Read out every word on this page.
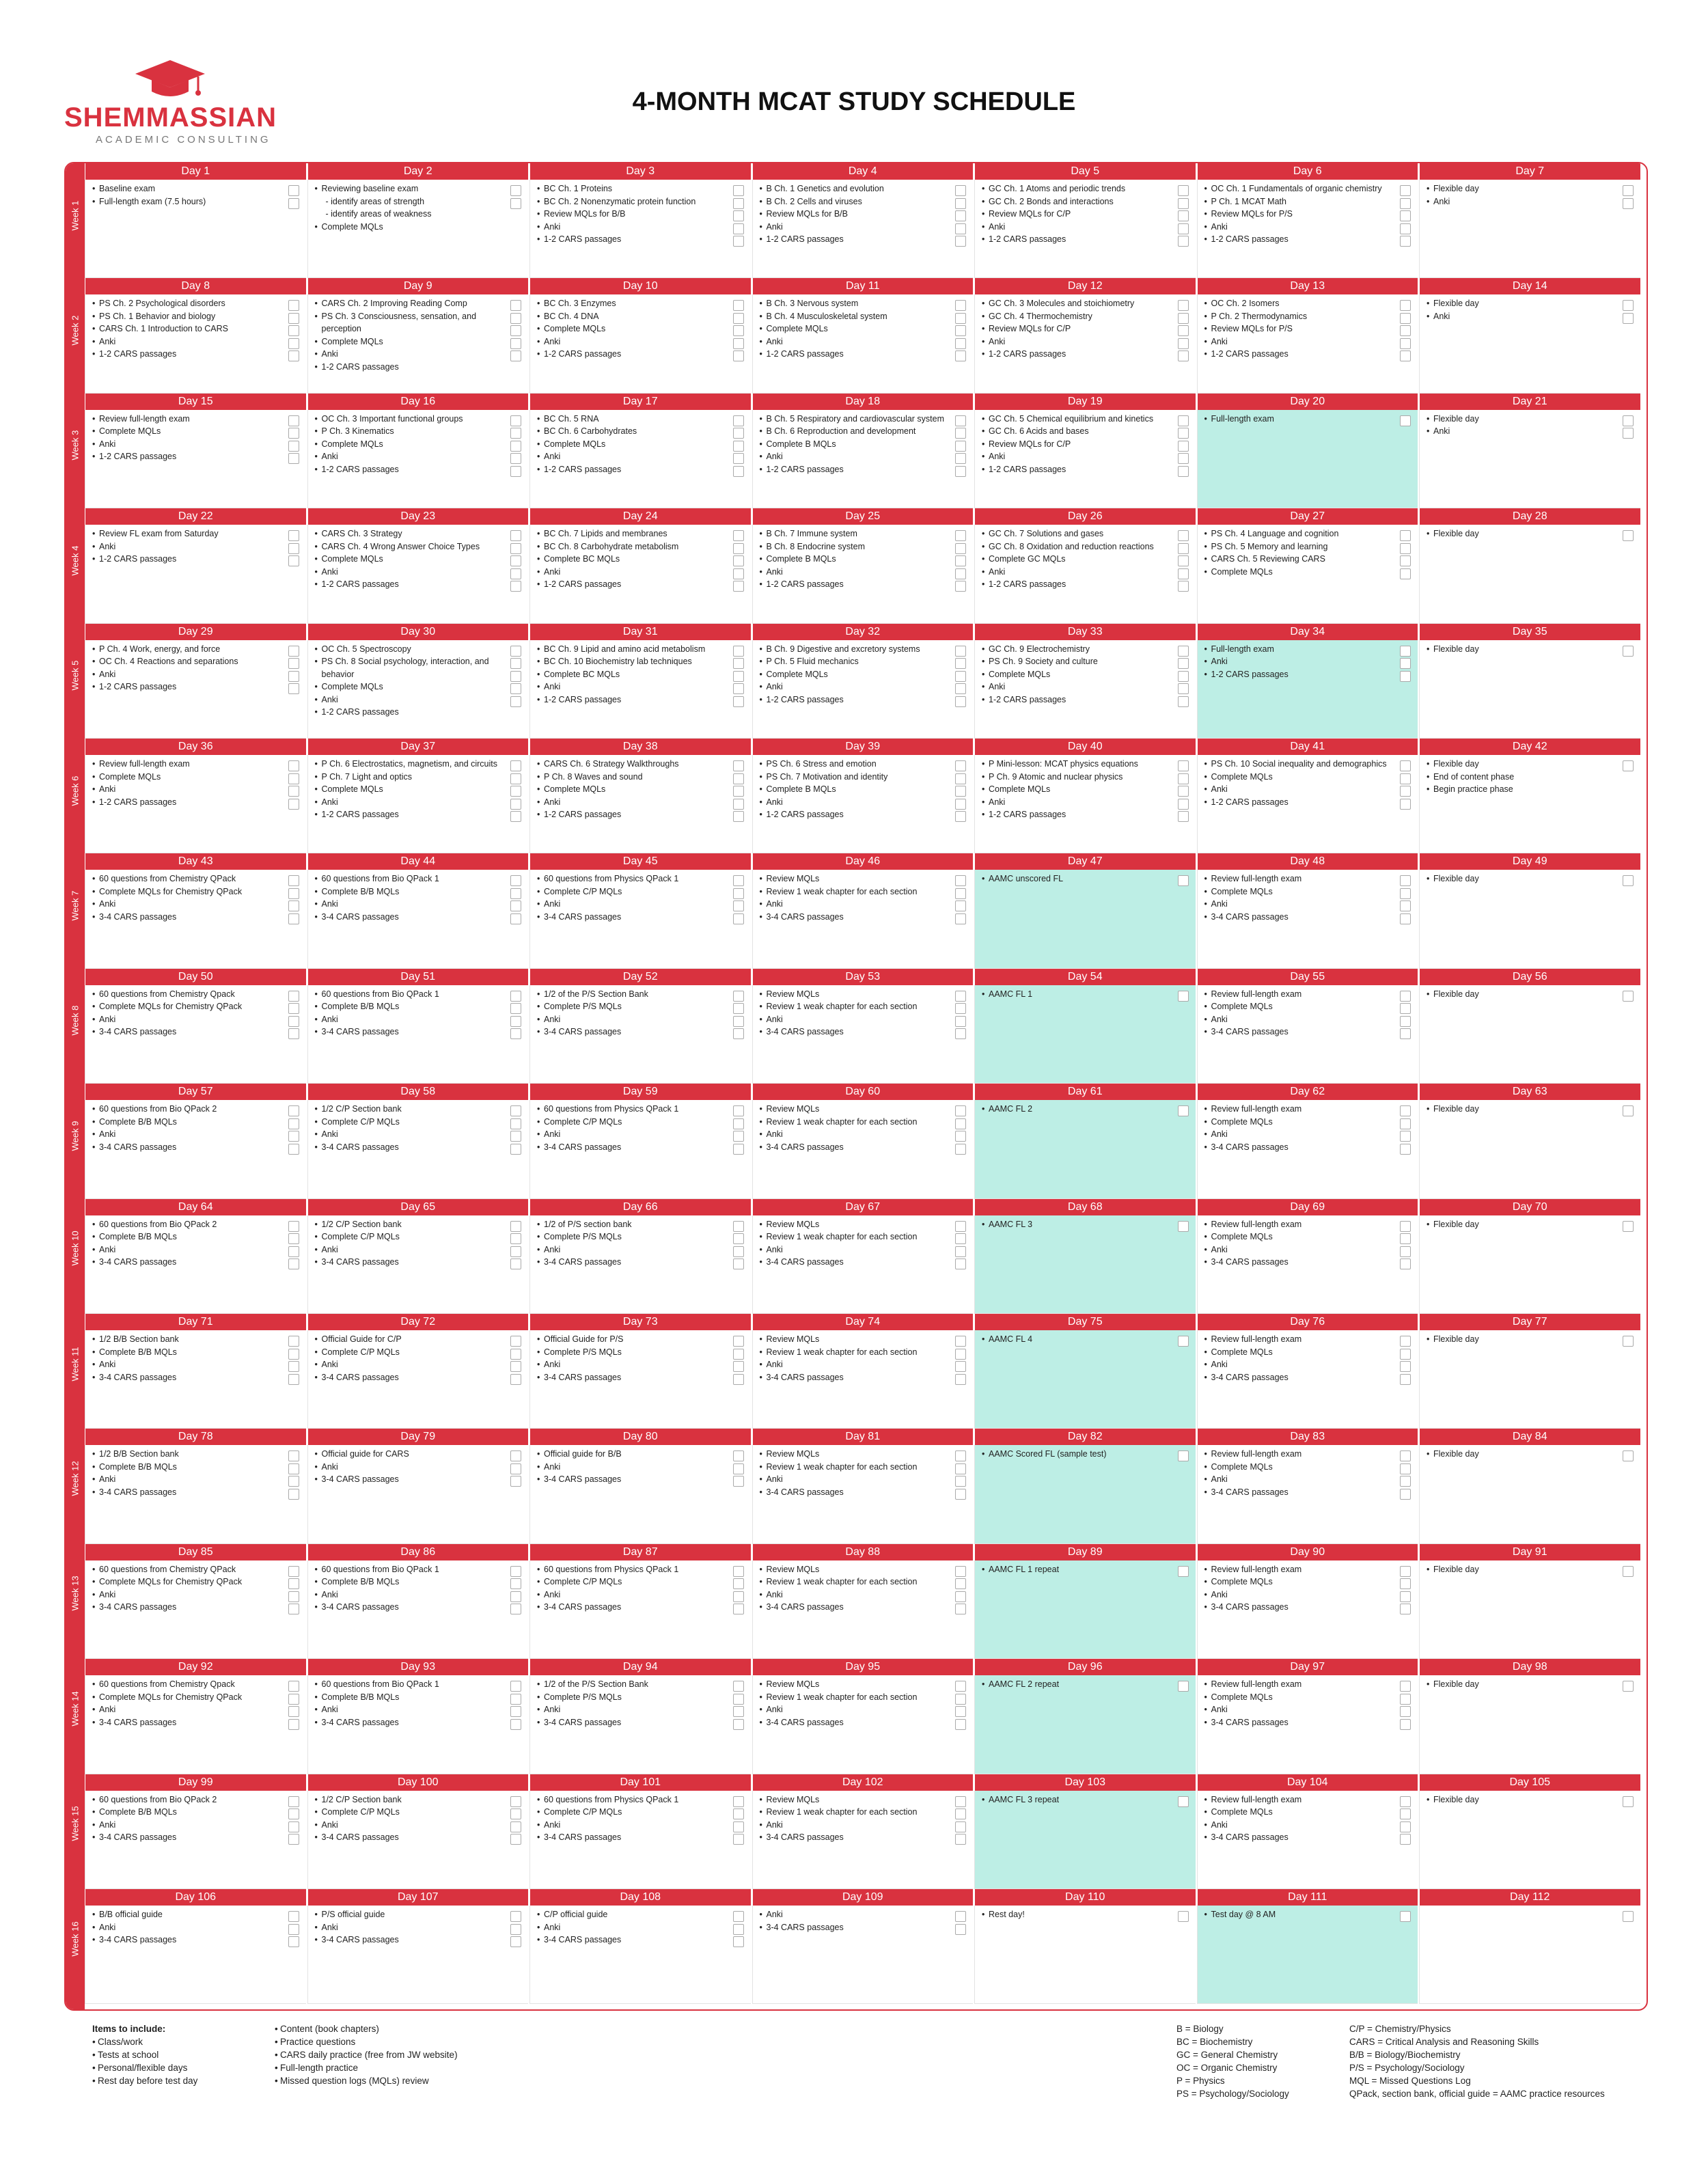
SHEMMASSIAN
ACADEMIC CONSULTING
4-MONTH MCAT STUDY SCHEDULE
Day 1
• Baseline exam
• Full-length exam (7.5 hours)
Day 2
• Reviewing baseline exam
- identify areas of strength
- identify areas of weakness
• Complete MQLs
Day 3
• BC Ch. 1 Proteins
• BC Ch. 2 Nonenzymatic protein function
• Review MQLs for B/B
• Anki
• 1-2 CARS passages
Day 4
• B Ch. 1 Genetics and evolution
• B Ch. 2 Cells and viruses
• Review MQLs for B/B
• Anki
• 1-2 CARS passages
Day 5
• GC Ch. 1 Atoms and periodic trends
• GC Ch. 2 Bonds and interactions
• Review MQLs for C/P
• Anki
• 1-2 CARS passages
Day 6
• OC Ch. 1 Fundamentals of organic chemistry
• P Ch. 1 MCAT Math
• Review MQLs for P/S
• Anki
• 1-2 CARS passages
Day 7
• Flexible day
• Anki
Day 8
• PS Ch. 2 Psychological disorders
• PS Ch. 1 Behavior and biology
• CARS Ch. 1 Introduction to CARS
• Anki
• 1-2 CARS passages
Day 9
• CARS Ch. 2 Improving Reading Comp
• PS Ch. 3 Consciousness, sensation, and perception
• Complete MQLs
• Anki
• 1-2 CARS passages
Day 10
• BC Ch. 3 Enzymes
• BC Ch. 4 DNA
• Complete MQLs
• Anki
• 1-2 CARS passages
Day 11
• B Ch. 3 Nervous system
• B Ch. 4 Musculoskeletal system
• Complete MQLs
• Anki
• 1-2 CARS passages
Day 12
• GC Ch. 3 Molecules and stoichiometry
• GC Ch. 4 Thermochemistry
• Review MQLs for C/P
• Anki
• 1-2 CARS passages
Day 13
• OC Ch. 2 Isomers
• P Ch. 2 Thermodynamics
• Review MQLs for P/S
• Anki
• 1-2 CARS passages
Day 14
• Flexible day
• Anki
Day 15
• Review full-length exam
• Complete MQLs
• Anki
• 1-2 CARS passages
Day 16
• OC Ch. 3 Important functional groups
• P Ch. 3 Kinematics
• Complete MQLs
• Anki
• 1-2 CARS passages
Day 17
• BC Ch. 5 RNA
• BC Ch. 6 Carbohydrates
• Complete MQLs
• Anki
• 1-2 CARS passages
Day 18
• B Ch. 5 Respiratory and cardiovascular system
• B Ch. 6 Reproduction and development
• Complete B MQLs
• Anki
• 1-2 CARS passages
Day 19
• GC Ch. 5 Chemical equilibrium and kinetics
• GC Ch. 6 Acids and bases
• Review MQLs for C/P
• Anki
• 1-2 CARS passages
Day 20
• Full-length exam
Day 21
• Flexible day
• Anki
Day 22
• Review FL exam from Saturday
• Anki
• 1-2 CARS passages
Day 23
• CARS Ch. 3 Strategy
• CARS Ch. 4 Wrong Answer Choice Types
• Complete MQLs
• Anki
• 1-2 CARS passages
Day 24
• BC Ch. 7 Lipids and membranes
• BC Ch. 8 Carbohydrate metabolism
• Complete BC MQLs
• Anki
• 1-2 CARS passages
Day 25
• B Ch. 7 Immune system
• B Ch. 8 Endocrine system
• Complete B MQLs
• Anki
• 1-2 CARS passages
Day 26
• GC Ch. 7 Solutions and gases
• GC Ch. 8 Oxidation and reduction reactions
• Complete GC MQLs
• Anki
• 1-2 CARS passages
Day 27
• PS Ch. 4 Language and cognition
• PS Ch. 5 Memory and learning
• CARS Ch. 5 Reviewing CARS
• Complete MQLs
Day 28
• Flexible day
Day 29
• P Ch. 4 Work, energy, and force
• OC Ch. 4 Reactions and separations
• Anki
• 1-2 CARS passages
Day 30
• OC Ch. 5 Spectroscopy
• PS Ch. 8 Social psychology, interaction, and behavior
• Complete MQLs
• Anki
• 1-2 CARS passages
Day 31
• BC Ch. 9 Lipid and amino acid metabolism
• BC Ch. 10 Biochemistry lab techniques
• Complete BC MQLs
• Anki
• 1-2 CARS passages
Day 32
• B Ch. 9 Digestive and excretory systems
• P Ch. 5 Fluid mechanics
• Complete MQLs
• Anki
• 1-2 CARS passages
Day 33
• GC Ch. 9 Electrochemistry
• PS Ch. 9 Society and culture
• Complete MQLs
• Anki
• 1-2 CARS passages
Day 34
• Full-length exam
• Anki
• 1-2 CARS passages
Day 35
• Flexible day
Day 36
• Review full-length exam
• Complete MQLs
• Anki
• 1-2 CARS passages
Day 37
• P Ch. 6 Electrostatics, magnetism, and circuits
• P Ch. 7 Light and optics
• Complete MQLs
• Anki
• 1-2 CARS passages
Day 38
• CARS Ch. 6 Strategy Walkthroughs
• P Ch. 8 Waves and sound
• Complete MQLs
• Anki
• 1-2 CARS passages
Day 39
• PS Ch. 6 Stress and emotion
• PS Ch. 7 Motivation and identity
• Complete B MQLs
• Anki
• 1-2 CARS passages
Day 40
• P Mini-lesson: MCAT physics equations
• P Ch. 9 Atomic and nuclear physics
• Complete MQLs
• Anki
• 1-2 CARS passages
Day 41
• PS Ch. 10 Social inequality and demographics
• Complete MQLs
• Anki
• 1-2 CARS passages
Day 42
• Flexible day
• End of content phase
• Begin practice phase
Day 43
• 60 questions from Chemistry QPack
• Complete MQLs for Chemistry QPack
• Anki
• 3-4 CARS passages
Day 44
• 60 questions from Bio QPack 1
• Complete B/B MQLs
• Anki
• 3-4 CARS passages
Day 45
• 60 questions from Physics QPack 1
• Complete C/P MQLs
• Anki
• 3-4 CARS passages
Day 46
• Review MQLs
• Review 1 weak chapter for each section
• Anki
• 3-4 CARS passages
Day 47
• AAMC unscored FL
Day 48
• Review full-length exam
• Complete MQLs
• Anki
• 3-4 CARS passages
Day 49
• Flexible day
Day 50
• 60 questions from Chemistry Qpack
• Complete MQLs for Chemistry QPack
• Anki
• 3-4 CARS passages
Day 51
• 60 questions from Bio QPack 1
• Complete B/B MQLs
• Anki
• 3-4 CARS passages
Day 52
• 1/2 of the P/S Section Bank
• Complete P/S MQLs
• Anki
• 3-4 CARS passages
Day 53
• Review MQLs
• Review 1 weak chapter for each section
• Anki
• 3-4 CARS passages
Day 54
• AAMC FL 1
Day 55
• Review full-length exam
• Complete MQLs
• Anki
• 3-4 CARS passages
Day 56
• Flexible day
Day 57
• 60 questions from Bio QPack 2
• Complete B/B MQLs
• Anki
• 3-4 CARS passages
Day 58
• 1/2 C/P Section bank
• Complete C/P MQLs
• Anki
• 3-4 CARS passages
Day 59
• 60 questions from Physics QPack 1
• Complete C/P MQLs
• Anki
• 3-4 CARS passages
Day 60
• Review MQLs
• Review 1 weak chapter for each section
• Anki
• 3-4 CARS passages
Day 61
• AAMC FL 2
Day 62
• Review full-length exam
• Complete MQLs
• Anki
• 3-4 CARS passages
Day 63
• Flexible day
Day 64
• 60 questions from Bio QPack 2
• Complete B/B MQLs
• Anki
• 3-4 CARS passages
Day 65
• 1/2 C/P Section bank
• Complete C/P MQLs
• Anki
• 3-4 CARS passages
Day 66
• 1/2 of P/S section bank
• Complete P/S MQLs
• Anki
• 3-4 CARS passages
Day 67
• Review MQLs
• Review 1 weak chapter for each section
• Anki
• 3-4 CARS passages
Day 68
• AAMC FL 3
Day 69
• Review full-length exam
• Complete MQLs
• Anki
• 3-4 CARS passages
Day 70
• Flexible day
Day 71
• 1/2 B/B Section bank
• Complete B/B MQLs
• Anki
• 3-4 CARS passages
Day 72
• Official Guide for C/P
• Complete C/P MQLs
• Anki
• 3-4 CARS passages
Day 73
• Official Guide for P/S
• Complete P/S MQLs
• Anki
• 3-4 CARS passages
Day 74
• Review MQLs
• Review 1 weak chapter for each section
• Anki
• 3-4 CARS passages
Day 75
• AAMC FL 4
Day 76
• Review full-length exam
• Complete MQLs
• Anki
• 3-4 CARS passages
Day 77
• Flexible day
Day 78
• 1/2 B/B Section bank
• Complete B/B MQLs
• Anki
• 3-4 CARS passages
Day 79
• Official guide for CARS
• Anki
• 3-4 CARS passages
Day 80
• Official guide for B/B
• Anki
• 3-4 CARS passages
Day 81
• Review MQLs
• Review 1 weak chapter for each section
• Anki
• 3-4 CARS passages
Day 82
• AAMC Scored FL (sample test)
Day 83
• Review full-length exam
• Complete MQLs
• Anki
• 3-4 CARS passages
Day 84
• Flexible day
Day 85
• 60 questions from Chemistry QPack
• Complete MQLs for Chemistry QPack
• Anki
• 3-4 CARS passages
Day 86
• 60 questions from Bio QPack 1
• Complete B/B MQLs
• Anki
• 3-4 CARS passages
Day 87
• 60 questions from Physics QPack 1
• Complete C/P MQLs
• Anki
• 3-4 CARS passages
Day 88
• Review MQLs
• Review 1 weak chapter for each section
• Anki
• 3-4 CARS passages
Day 89
• AAMC FL 1 repeat
Day 90
• Review full-length exam
• Complete MQLs
• Anki
• 3-4 CARS passages
Day 91
• Flexible day
Day 92
• 60 questions from Chemistry Qpack
• Complete MQLs for Chemistry QPack
• Anki
• 3-4 CARS passages
Day 93
• 60 questions from Bio QPack 1
• Complete B/B MQLs
• Anki
• 3-4 CARS passages
Day 94
• 1/2 of the P/S Section Bank
• Complete P/S MQLs
• Anki
• 3-4 CARS passages
Day 95
• Review MQLs
• Review 1 weak chapter for each section
• Anki
• 3-4 CARS passages
Day 96
• AAMC FL 2 repeat
Day 97
• Review full-length exam
• Complete MQLs
• Anki
• 3-4 CARS passages
Day 98
• Flexible day
Day 99
• 60 questions from Bio QPack 2
• Complete B/B MQLs
• Anki
• 3-4 CARS passages
Day 100
• 1/2 C/P Section bank
• Complete C/P MQLs
• Anki
• 3-4 CARS passages
Day 101
• 60 questions from Physics QPack 1
• Complete C/P MQLs
• Anki
• 3-4 CARS passages
Day 102
• Review MQLs
• Review 1 weak chapter for each section
• Anki
• 3-4 CARS passages
Day 103
• AAMC FL 3 repeat
Day 104
• Review full-length exam
• Complete MQLs
• Anki
• 3-4 CARS passages
Day 105
• Flexible day
Day 106
• B/B official guide
• Anki
• 3-4 CARS passages
Day 107
• P/S official guide
• Anki
• 3-4 CARS passages
Day 108
• C/P official guide
• Anki
• 3-4 CARS passages
Day 109
• Anki
• 3-4 CARS passages
Day 110
• Rest day!
Day 111
• Test day @ 8 AM
Day 112
Week 1
Week 2
Week 3
Week 4
Week 5
Week 6
Week 7
Week 8
Week 9
Week 10
Week 11
Week 12
Week 13
Week 14
Week 15
Week 16
Items to include:
• Class/work
• Tests at school
• Personal/flexible days
• Rest day before test day
• Content (book chapters)
• Practice questions
• CARS daily practice (free from JW website)
• Full-length practice
• Missed question logs (MQLs) review
B = Biology
BC = Biochemistry
GC = General Chemistry
OC = Organic Chemistry
P = Physics
PS = Psychology/Sociology
C/P = Chemistry/Physics
CARS = Critical Analysis and Reasoning Skills
B/B = Biology/Biochemistry
P/S = Psychology/Sociology
MQL = Missed Questions Log
QPack, section bank, official guide = AAMC practice resources
